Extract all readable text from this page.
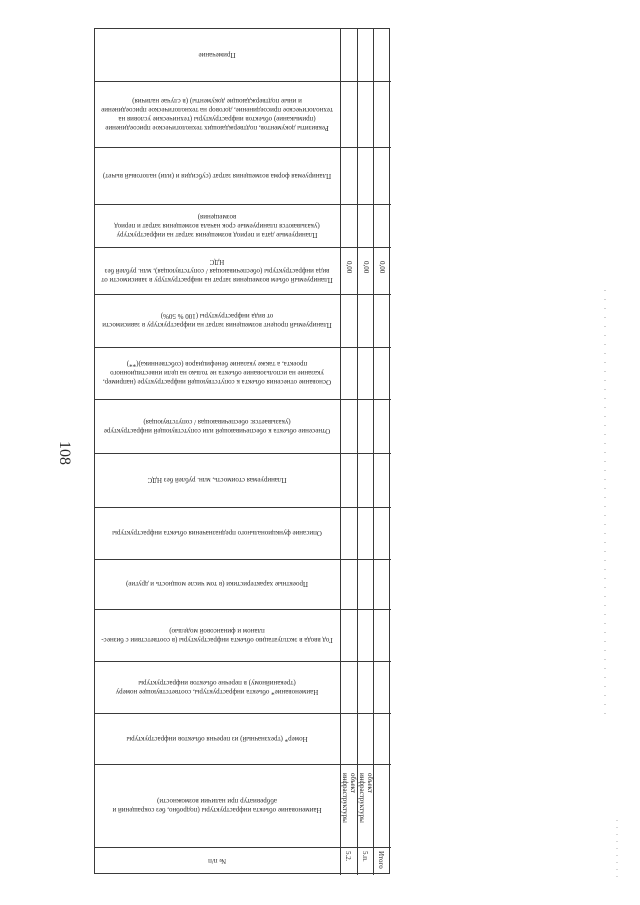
108
Примечание
Реквизиты документов, подтверждающих технологическое присоединение (примыкание) объектов инфраструктуры (технические условия на технологическое присоединение, договор на технологическое присоединение и иные подтверждающие документы) (в случае наличия)
Планируемая форма возмещения затрат (субсидия и (или) налоговый вычет)
Планируемые дата и период возмещения затрат на инфраструктуру (указываются планируемые срок начала возмещения затрат и период возмещения)
Планируемый объем возмещения затрат на инфраструктуру в зависимости от вида инфраструктуры (обеспечивающая / сопутствующая), млн. рублей без НДС
Планируемый процент возмещения затрат на инфраструктуру в зависимости от вида инфраструктуры (100 % 50%)
Основание отнесения объекта к сопутствующей инфраструктуре (например, указание на использование объекта не только на цели инвестиционного проекта, а также указание бенефициаров (собственника)(**)
Отнесение объекта к обеспечивающей или сопутствующей инфраструктуре (указывается: обеспечивающая / сопутствующая)
Планируемая стоимость, млн. рублей без НДС
Описание функционального предназначения объекта инфраструктуры
Проектные характеристики (в том числе мощность и другие)
Год ввода в эксплуатацию объекта инфраструктуры (в соответствии с бизнес-планом и финансовой моделью)
Наименование* объекта инфраструктуры, соответствующее номеру (треканийному) в перечне объектов инфраструктуры
Номер* (трехзначный) из перечня объектов инфраструктуры
Наименование объекта инфраструктуры (подробно, без сокращений и аббревиатур при наличии возможности)
№ п/п	5.2. 5.п. Итого
объект инфраструктуры	объект инфраструктуры
0,00 0,00 0,00
